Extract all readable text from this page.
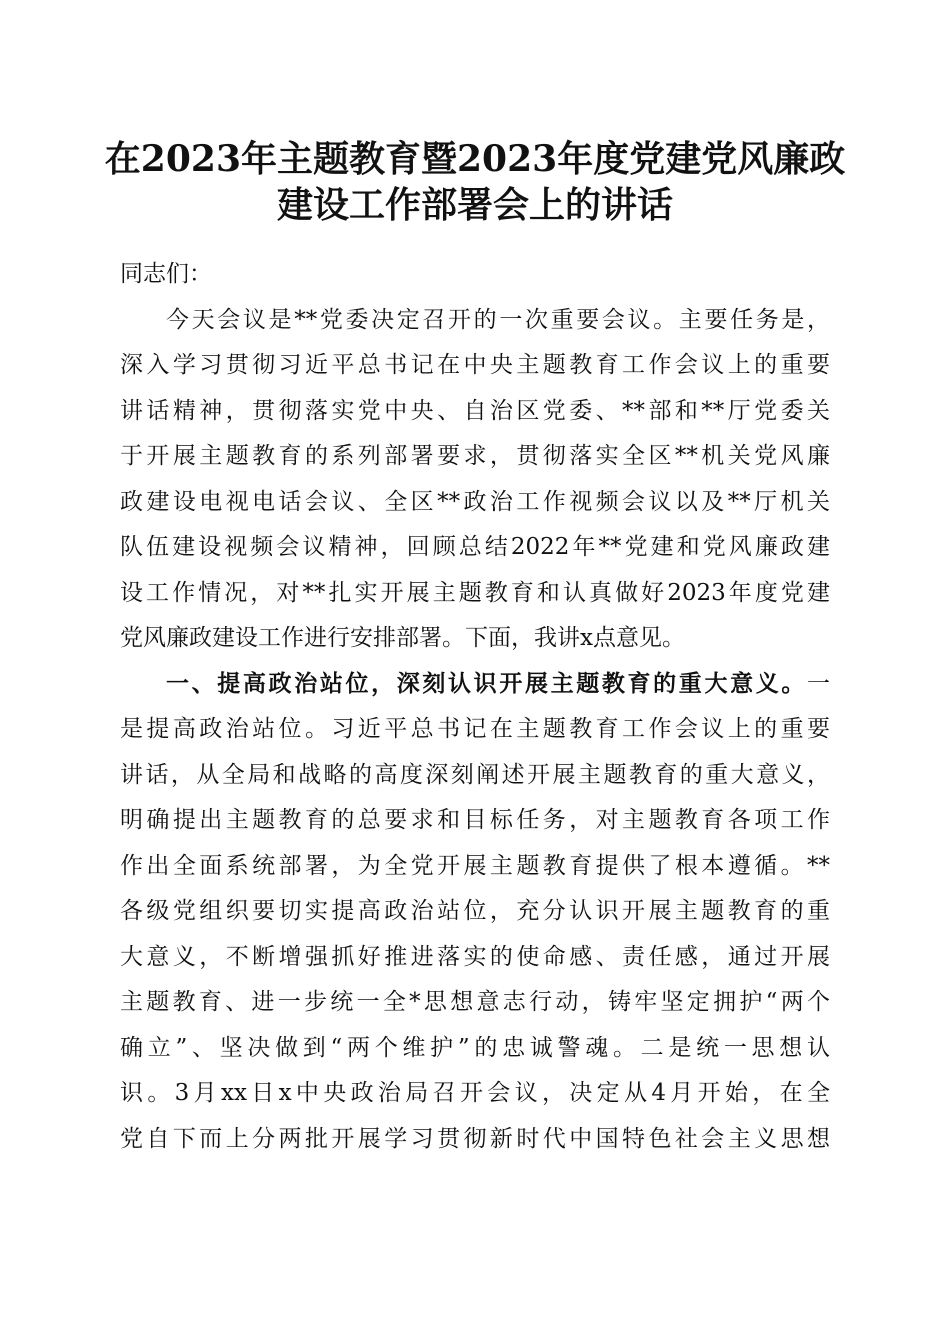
在2023年主题教育暨2023年度党建党风廉政
建设工作部署会上的讲话
同志们：
今天会议是**党委决定召开的一次重要会议。主要任务是，
深入学习贯彻习近平总书记在中央主题教育工作会议上的重要
讲话精神，贯彻落实党中央、自治区党委、**部和**厅党委关
于开展主题教育的系列部署要求，贯彻落实全区**机关党风廉
政建设电视电话会议、全区**政治工作视频会议以及**厅机关
队伍建设视频会议精神，回顾总结2022年**党建和党风廉政建
设工作情况，对**扎实开展主题教育和认真做好2023年度党建
党风廉政建设工作进行安排部署。下面，我讲x点意见。
一、提高政治站位，深刻认识开展主题教育的重大意义。一
是提高政治站位。习近平总书记在主题教育工作会议上的重要
讲话，从全局和战略的高度深刻阐述开展主题教育的重大意义，
明确提出主题教育的总要求和目标任务，对主题教育各项工作
作出全面系统部署，为全党开展主题教育提供了根本遵循。**
各级党组织要切实提高政治站位，充分认识开展主题教育的重
大意义，不断增强抓好推进落实的使命感、责任感，通过开展
主题教育、进一步统一全*思想意志行动，铸牢坚定拥护“两个
确立”、坚决做到“两个维护”的忠诚警魂。二是统一思想认
识。3月xx日x中央政治局召开会议，决定从4月开始，在全
党自下而上分两批开展学习贯彻新时代中国特色社会主义思想
